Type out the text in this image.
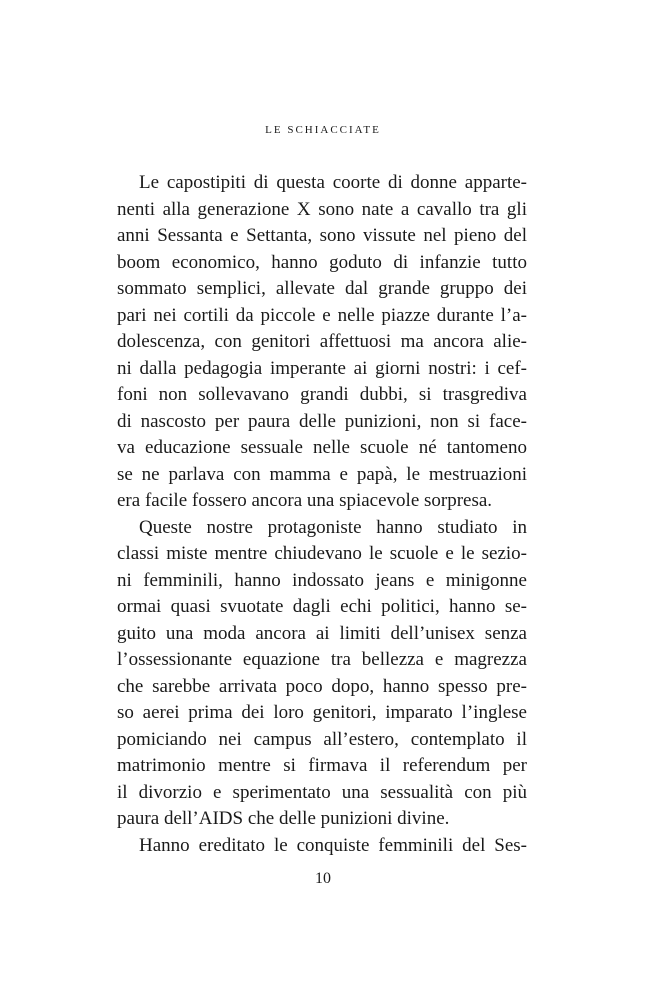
LE SCHIACCIATE
Le capostipiti di questa coorte di donne apparte-
nenti alla generazione X sono nate a cavallo tra gli
anni Sessanta e Settanta, sono vissute nel pieno del
boom economico, hanno goduto di infanzie tutto
sommato semplici, allevate dal grande gruppo dei
pari nei cortili da piccole e nelle piazze durante l’a-
dolescenza, con genitori affettuosi ma ancora alie-
ni dalla pedagogia imperante ai giorni nostri: i cef-
foni non sollevavano grandi dubbi, si trasgrediva
di nascosto per paura delle punizioni, non si face-
va educazione sessuale nelle scuole né tantomeno
se ne parlava con mamma e papà, le mestruazioni
era facile fossero ancora una spiacevole sorpresa.
Queste nostre protagoniste hanno studiato in
classi miste mentre chiudevano le scuole e le sezio-
ni femminili, hanno indossato jeans e minigonne
ormai quasi svuotate dagli echi politici, hanno se-
guito una moda ancora ai limiti dell’unisex senza
l’ossessionante equazione tra bellezza e magrezza
che sarebbe arrivata poco dopo, hanno spesso pre-
so aerei prima dei loro genitori, imparato l’inglese
pomiciando nei campus all’estero, contemplato il
matrimonio mentre si firmava il referendum per
il divorzio e sperimentato una sessualità con più
paura dell’AIDS che delle punizioni divine.
Hanno ereditato le conquiste femminili del Ses-
10
